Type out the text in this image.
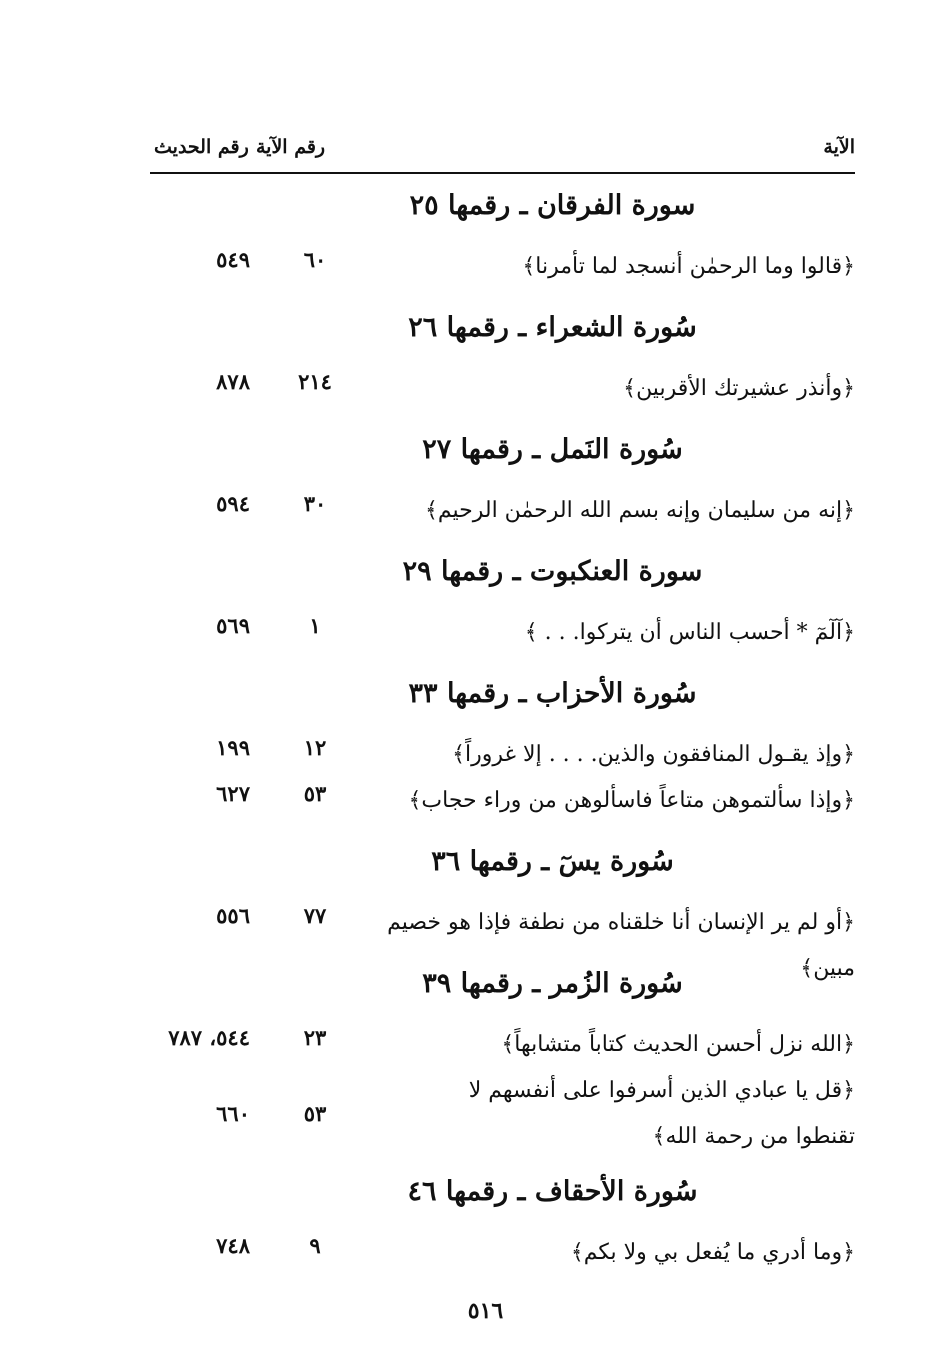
الآية
رقم الآية
رقم الحديث
سورة الفرقان ـ رقمها ٢٥
﴿قالوا وما الرحمٰن أنسجد لما تأمرنا﴾
٦٠
٥٤٩
سُورة الشعراء ـ رقمها ٢٦
﴿وأنذر عشيرتك الأقربين﴾
٢١٤
٨٧٨
سُورة النَمل ـ رقمها ٢٧
﴿إنه من سليمان وإنه بسم الله الرحمٰن الرحيم﴾
٣٠
٥٩٤
سورة العنكبوت ـ رقمها ٢٩
﴿آلٓمٓ * أحسب الناس أن يتركوا. . . ﴾
١
٥٦٩
سُورة الأحزاب ـ رقمها ٣٣
﴿وإذ يقـول المنافقون والذين. . . . إلا غروراً﴾
١٢
١٩٩
﴿وإذا سألتموهن متاعاً فاسألوهن من وراء حجاب﴾
٥٣
٦٢٧
سُورة يسٓ ـ رقمها ٣٦
﴿أو لم ير الإنسان أنا خلقناه من نطفة فإذا هو خصيم مبين﴾
٧٧
٥٥٦
سُورة الزُمر ـ رقمها ٣٩
﴿الله نزل أحسن الحديث كتاباً متشابهاً﴾
٢٣
٥٤٤، ٧٨٧
﴿قل يا عبادي الذين أسرفوا على أنفسهم لا تقنطوا من رحمة الله﴾
٥٣
٦٦٠
سُورة الأحقاف ـ رقمها ٤٦
﴿وما أدري ما يُفعل بي ولا بكم﴾
٩
٧٤٨
٥١٦
